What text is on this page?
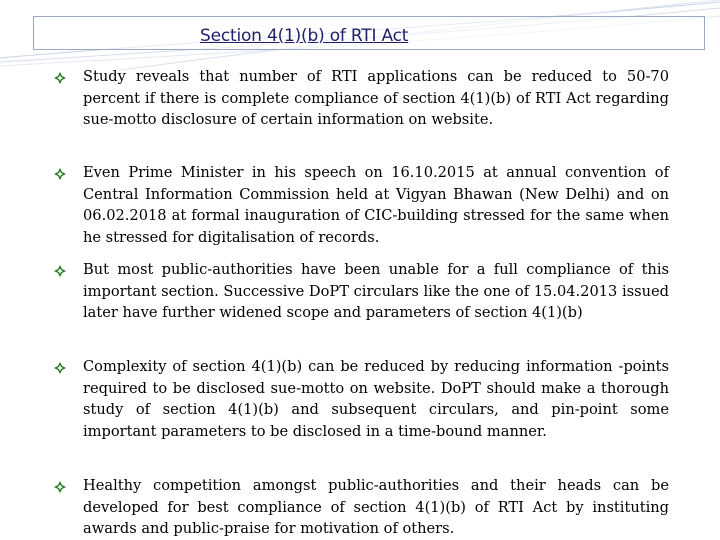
Section 4(1)(b) of RTI Act

Study reveals that number of RTI applications can be reduced to 50-70 percent if there is complete compliance of section 4(1)(b) of RTI Act regarding sue-motto disclosure of certain information on website.

Even Prime Minister in his speech on 16.10.2015 at annual convention of Central Information Commission held at Vigyan Bhawan (New Delhi) and on 06.02.2018 at formal inauguration of CIC-building stressed for the same when he stressed for digitalisation of records.

But most public-authorities have been unable for a full compliance of this important section. Successive DoPT circulars like the one of 15.04.2013 issued later have further widened scope and parameters of section 4(1)(b)

Complexity of section 4(1)(b) can be reduced by reducing information -points required to be disclosed sue-motto on website. DoPT should make a thorough study of section 4(1)(b) and subsequent circulars, and pin-point some important parameters to be disclosed in a time-bound manner.

Healthy competition amongst public-authorities and their heads can be developed for best compliance of section 4(1)(b) of RTI Act by instituting awards and public-praise for motivation of others.
